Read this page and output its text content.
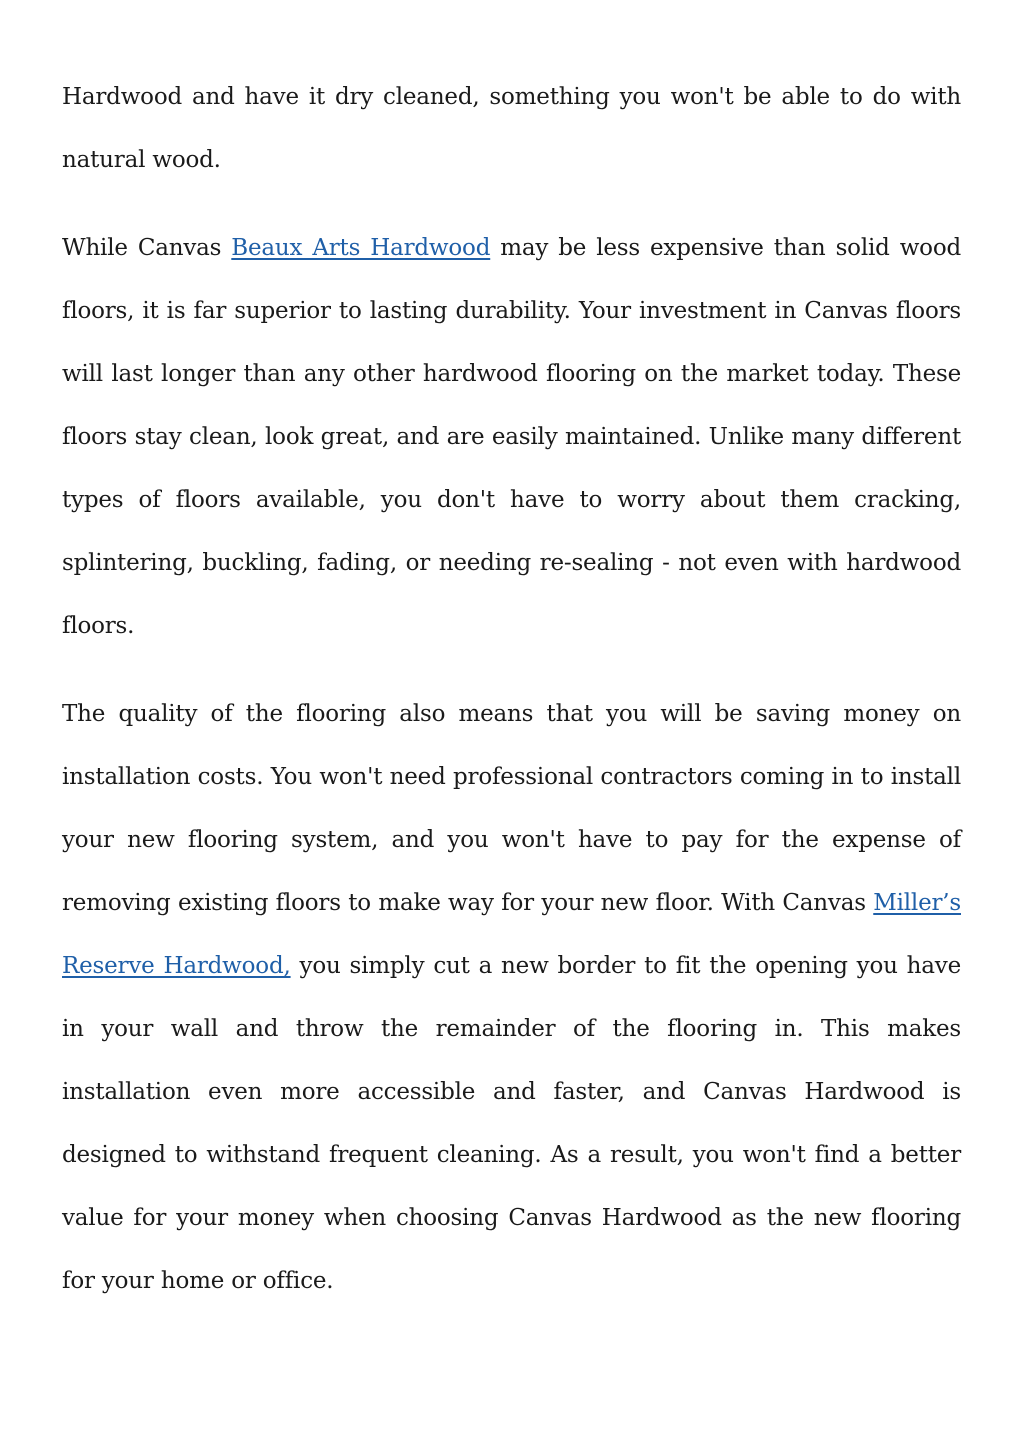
Hardwood and have it dry cleaned, something you won't be able to do with natural wood.

While Canvas Beaux Arts Hardwood may be less expensive than solid wood floors, it is far superior to lasting durability. Your investment in Canvas floors will last longer than any other hardwood flooring on the market today. These floors stay clean, look great, and are easily maintained. Unlike many different types of floors available, you don't have to worry about them cracking, splintering, buckling, fading, or needing re-sealing - not even with hardwood floors.

The quality of the flooring also means that you will be saving money on installation costs. You won't need professional contractors coming in to install your new flooring system, and you won't have to pay for the expense of removing existing floors to make way for your new floor. With Canvas Miller’s Reserve Hardwood, you simply cut a new border to fit the opening you have in your wall and throw the remainder of the flooring in. This makes installation even more accessible and faster, and Canvas Hardwood is designed to withstand frequent cleaning. As a result, you won't find a better value for your money when choosing Canvas Hardwood as the new flooring for your home or office.
